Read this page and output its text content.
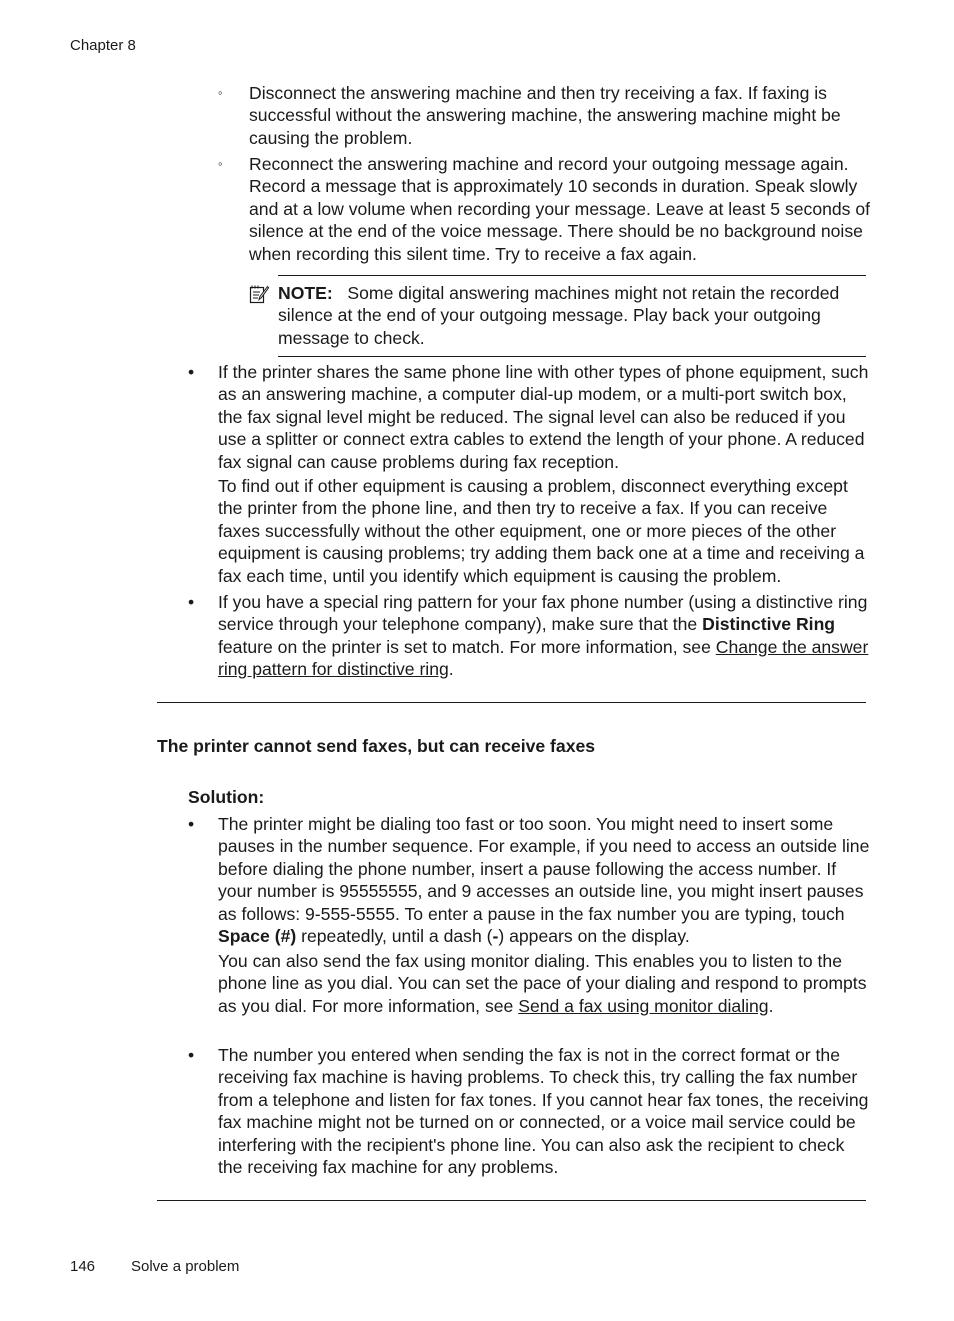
Chapter 8
◦ Disconnect the answering machine and then try receiving a fax. If faxing is successful without the answering machine, the answering machine might be causing the problem.

◦ Reconnect the answering machine and record your outgoing message again. Record a message that is approximately 10 seconds in duration. Speak slowly and at a low volume when recording your message. Leave at least 5 seconds of silence at the end of the voice message. There should be no background noise when recording this silent time. Try to receive a fax again.

NOTE: Some digital answering machines might not retain the recorded silence at the end of your outgoing message. Play back your outgoing message to check.

• If the printer shares the same phone line with other types of phone equipment, such as an answering machine, a computer dial-up modem, or a multi-port switch box, the fax signal level might be reduced. The signal level can also be reduced if you use a splitter or connect extra cables to extend the length of your phone. A reduced fax signal can cause problems during fax reception.

To find out if other equipment is causing a problem, disconnect everything except the printer from the phone line, and then try to receive a fax. If you can receive faxes successfully without the other equipment, one or more pieces of the other equipment is causing problems; try adding them back one at a time and receiving a fax each time, until you identify which equipment is causing the problem.

• If you have a special ring pattern for your fax phone number (using a distinctive ring service through your telephone company), make sure that the Distinctive Ring feature on the printer is set to match. For more information, see Change the answer ring pattern for distinctive ring.

The printer cannot send faxes, but can receive faxes
Solution:
• The printer might be dialing too fast or too soon. You might need to insert some pauses in the number sequence. For example, if you need to access an outside line before dialing the phone number, insert a pause following the access number. If your number is 95555555, and 9 accesses an outside line, you might insert pauses as follows: 9-555-5555. To enter a pause in the fax number you are typing, touch Space (#) repeatedly, until a dash (-) appears on the display.

You can also send the fax using monitor dialing. This enables you to listen to the phone line as you dial. You can set the pace of your dialing and respond to prompts as you dial. For more information, see Send a fax using monitor dialing.

• The number you entered when sending the fax is not in the correct format or the receiving fax machine is having problems. To check this, try calling the fax number from a telephone and listen for fax tones. If you cannot hear fax tones, the receiving fax machine might not be turned on or connected, or a voice mail service could be interfering with the recipient's phone line. You can also ask the recipient to check the receiving fax machine for any problems.

146 Solve a problem
